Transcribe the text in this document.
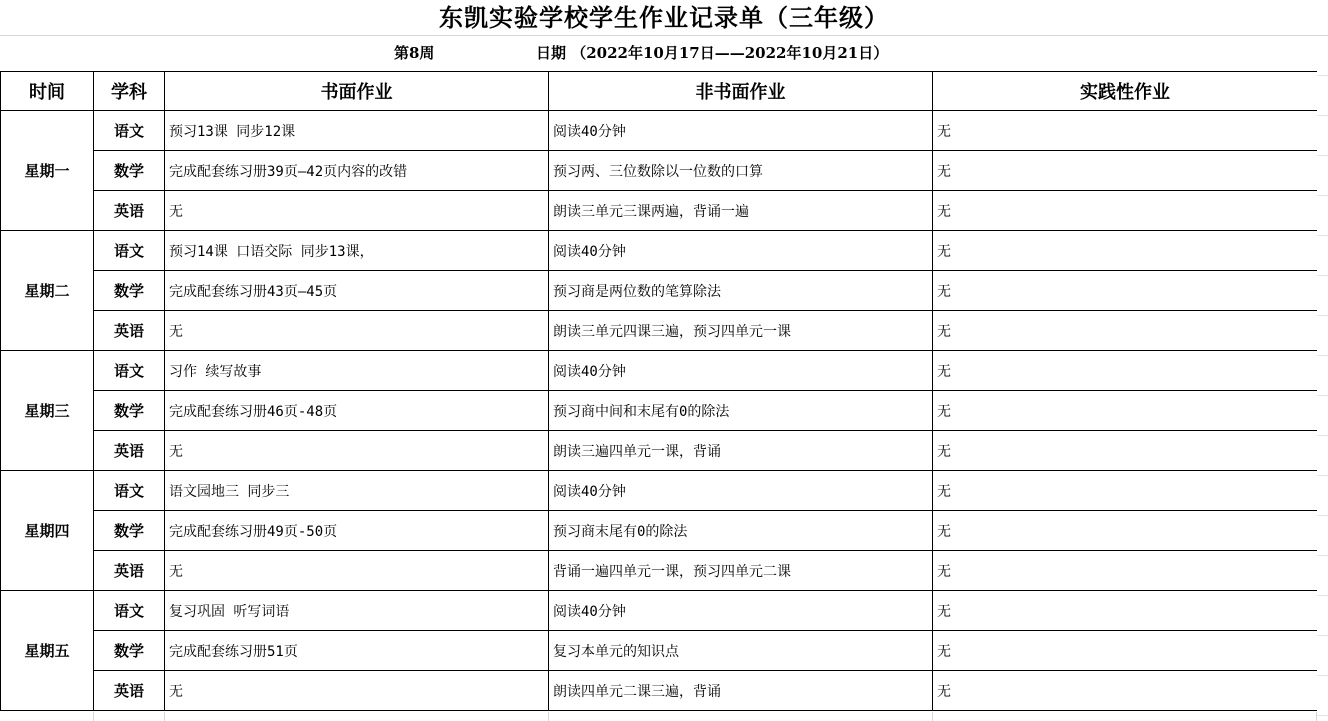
东凯实验学校学生作业记录单（三年级）
第8周	日期 （2022年10月17日——2022年10月21日）
时间	学科	书面作业	非书面作业	实践性作业
星期一	语文	预习13课 同步12课	阅读40分钟	无
	数学	完成配套练习册39页—42页内容的改错	预习两、三位数除以一位数的口算	无
	英语	无	朗读三单元三课两遍，背诵一遍	无
星期二	语文	预习14课 口语交际 同步13课，	阅读40分钟	无
	数学	完成配套练习册43页—45页	预习商是两位数的笔算除法	无
	英语	无	朗读三单元四课三遍，预习四单元一课	无
星期三	语文	习作 续写故事	阅读40分钟	无
	数学	完成配套练习册46页-48页	预习商中间和末尾有0的除法	无
	英语	无	朗读三遍四单元一课，背诵	无
星期四	语文	语文园地三 同步三	阅读40分钟	无
	数学	完成配套练习册49页-50页	预习商末尾有0的除法	无
	英语	无	背诵一遍四单元一课，预习四单元二课	无
星期五	语文	复习巩固 听写词语	阅读40分钟	无
	数学	完成配套练习册51页	复习本单元的知识点	无
	英语	无	朗读四单元二课三遍，背诵	无
